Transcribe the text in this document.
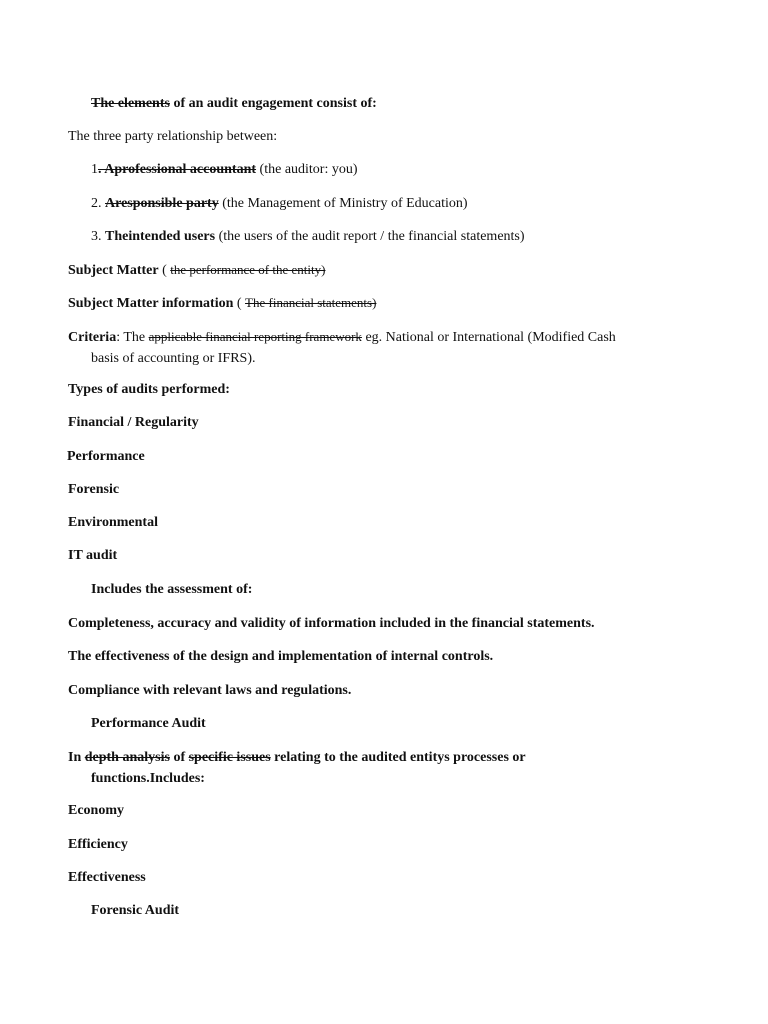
The elements of an audit engagement consist of:
The three party relationship between:
1. Aprofessional accountant (the auditor: you)
2. Aresponsible party (the Management of Ministry of Education)
3. Theintended users (the users of the audit report / the financial statements)
Subject Matter ( the performance of the entity)
Subject Matter information ( The financial statements)
Criteria: The applicable financial reporting framework eg. National or International (Modified Cash
basis of accounting or IFRS).
Types of audits performed:
Financial / Regularity
Performance
Forensic
Environmental
IT audit
Includes the assessment of:
Completeness, accuracy and validity of information included in the financial statements.
The effectiveness of the design and implementation of internal controls.
Compliance with relevant laws and regulations.
Performance Audit
In depth analysis of specific issues relating to the audited entitys processes or
functions.Includes:
Economy
Efficiency
Effectiveness
Forensic Audit
